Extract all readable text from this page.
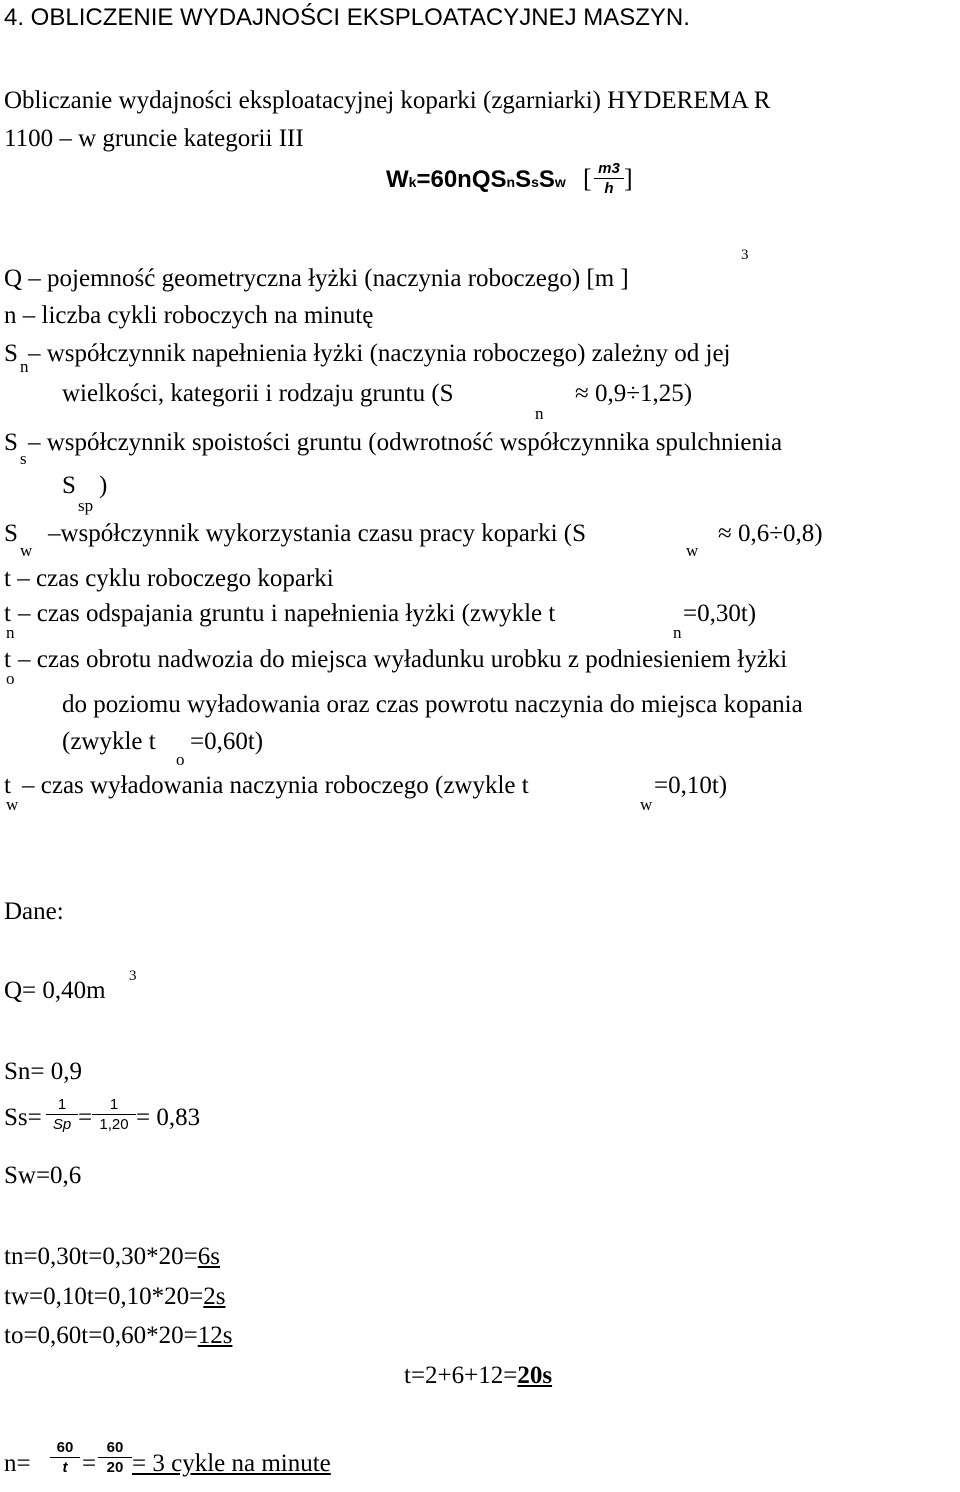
4. OBLICZENIE WYDAJNOŚCI EKSPLOATACYJNEJ MASZYN.
Obliczanie wydajności eksploatacyjnej koparki (zgarniarki) HYDEREMA R
1100 – w gruncie kategorii III
Wk=60nQSnSsSw [ m3
h ]
Q – pojemność geometryczna łyżki (naczynia roboczego) [m ]
3
n – liczba cykli roboczych na minutę
S n – współczynnik napełnienia łyżki (naczynia roboczego) zależny od jej
wielkości, kategorii i rodzaju gruntu (S
n
≈ 0,9÷1,25)
S
s
– współczynnik spoistości gruntu (odwrotność współczynnika spulchnienia
S
sp
)
S
w
–współczynnik wykorzystania czasu pracy koparki (S
w
≈ 0,6÷0,8)
t – czas cyklu roboczego koparki
t
n
– czas odspajania gruntu i napełnienia łyżki (zwykle t
n
=0,30t)
t
o
– czas obrotu nadwozia do miejsca wyładunku urobku z podniesieniem łyżki
do poziomu wyładowania oraz czas powrotu naczynia do miejsca kopania
(zwykle t
o
=0,60t)
t
w
– czas wyładowania naczynia roboczego (zwykle t
w
=0,10t)
Dane:
Q= 0,40m
3
Sn= 0,9
Ss=	1
Sp =	1
1,20 = 0,83
Sw=0,6
tn=0,30t=0,30*20=6s
tw=0,10t=0,10*20=2s
to=0,60t=0,60*20=12s
t=2+6+12=20s
n=
60
t =
60
20 = 3 cykle na minute
